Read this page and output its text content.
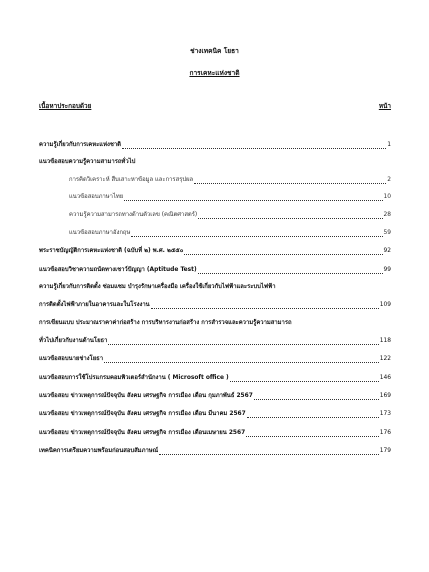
ช่างเทคนิค โยธา
การเคหะแห่งชาติ
เนื้อหาประกอบด้วย	หน้า
ความรู้เกี่ยวกับการเคหะแห่งชาติ	1
แนวข้อสอบความรู้ความสามารถทั่วไป
การคิดวิเคราะห์ สืบเสาะหาข้อมูล และการสรุปผล	2
แนวข้อสอบภาษาไทย	10
ความรู้ความสามารถทางด้านตัวเลข (คณิตศาสตร์)	28
แนวข้อสอบภาษาอังกฤษ	59
พระราชบัญญัติการเคหะแห่งชาติ (ฉบับที่ ๒) พ.ศ. ๒๕๕๐	92
แนวข้อสอบวิชาความถนัดทางเชาว์ปัญญา (Aptitude Test)	99
ความรู้เกี่ยวกับการติดตั้ง ซ่อมแซม บำรุงรักษาเครื่องมือ เครื่องใช้เกี่ยวกับไฟฟ้าและระบบไฟฟ้า
การติดตั้งไฟฟ้าภายในอาคารและในโรงงาน	109
การเขียนแบบ ประมาณราคาค่าก่อสร้าง การบริหารงานก่อสร้าง การสำรวจและความรู้ความสามารถ
ทั่วไปเกี่ยวกับงานด้านโยธา	118
แนวข้อสอบนายช่างโยธา	122
แนวข้อสอบการใช้โปรแกรมคอมพิวเตอร์สำนักงาน ( Microsoft office )	146
แนวข้อสอบ ข่าวเหตุการณ์ปัจจุบัน สังคม เศรษฐกิจ การเมือง เดือน กุมภาพันธ์ 2567	169
แนวข้อสอบ ข่าวเหตุการณ์ปัจจุบัน สังคม เศรษฐกิจ การเมือง เดือน มีนาคม 2567	173
แนวข้อสอบ ข่าวเหตุการณ์ปัจจุบัน สังคม เศรษฐกิจ การเมือง เดือนเมษายน 2567	176
เทคนิคการเตรียมความพร้อมก่อนสอบสัมภาษณ์	179
